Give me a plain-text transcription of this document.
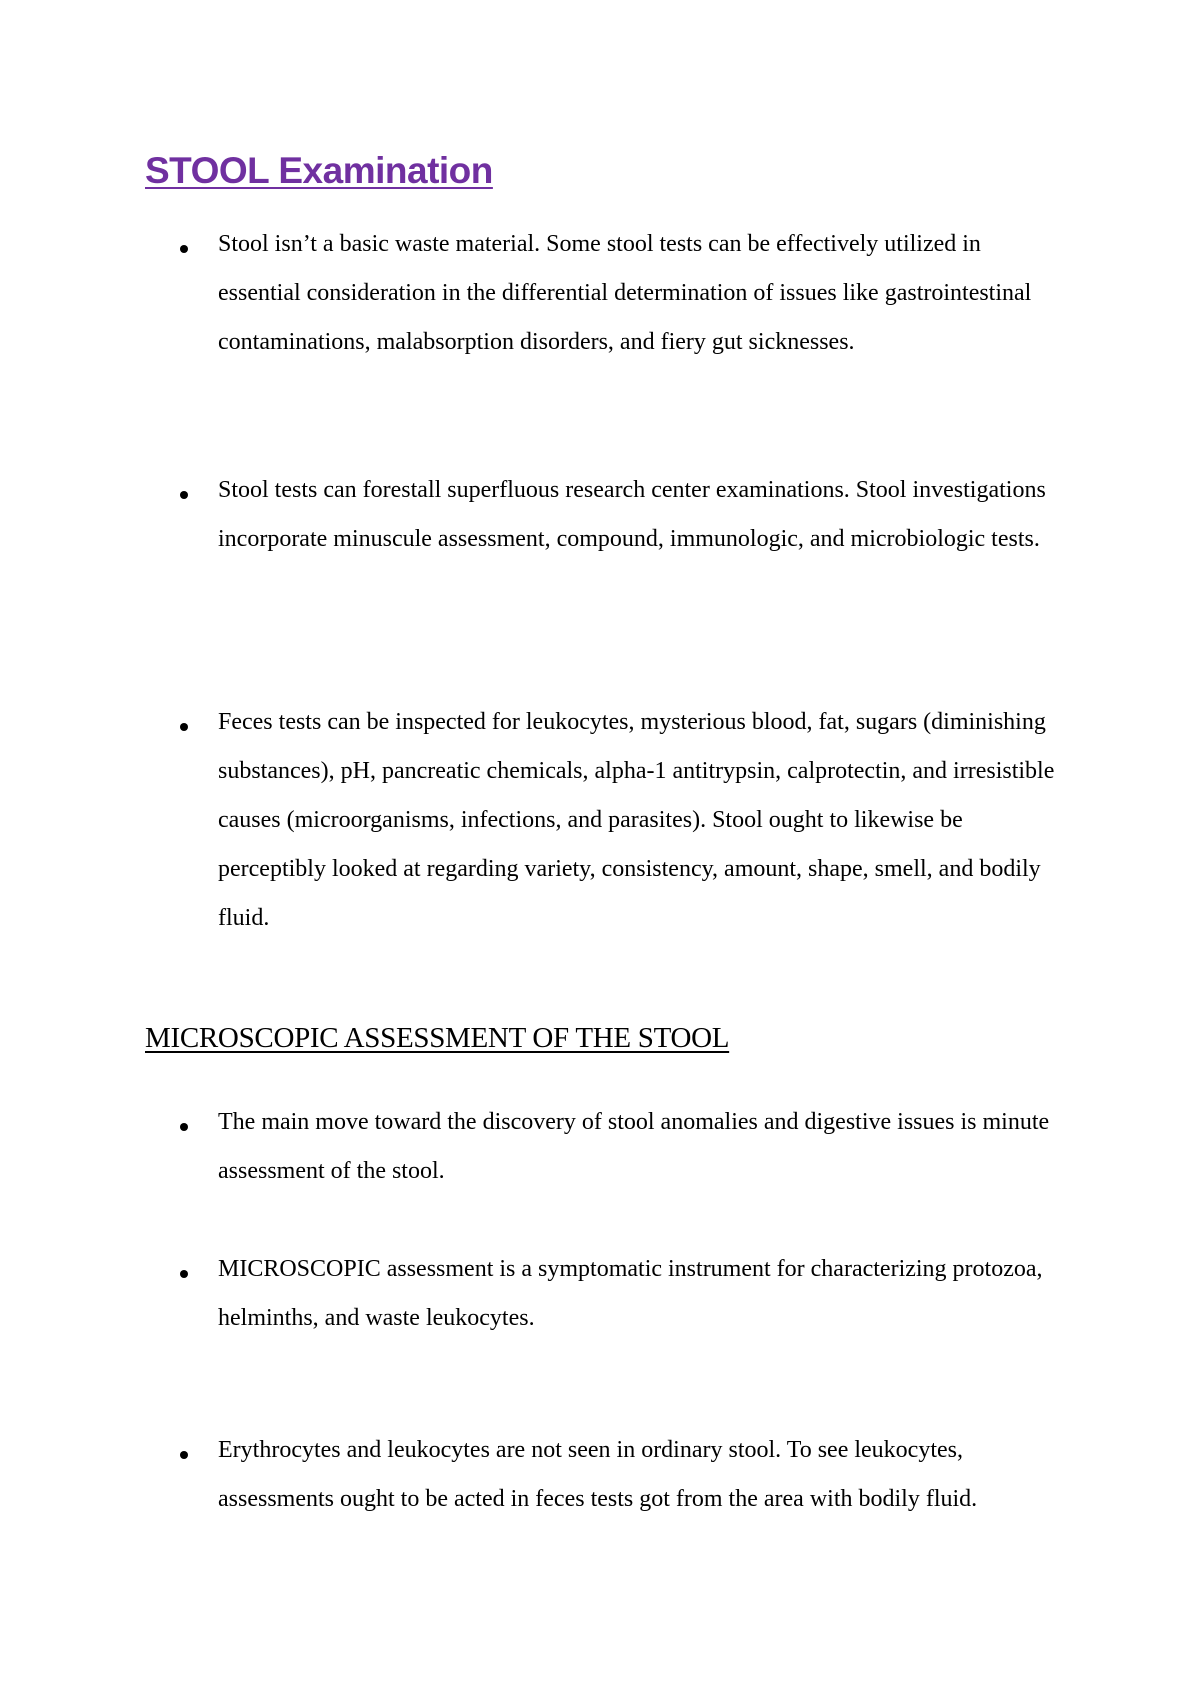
STOOL Examination
Stool isn’t a basic waste material. Some stool tests can be effectively utilized in essential consideration in the differential determination of issues like gastrointestinal contaminations, malabsorption disorders, and fiery gut sicknesses.
Stool tests can forestall superfluous research center examinations. Stool investigations incorporate minuscule assessment, compound, immunologic, and microbiologic tests.
Feces tests can be inspected for leukocytes, mysterious blood, fat, sugars (diminishing substances), pH, pancreatic chemicals, alpha-1 antitrypsin, calprotectin, and irresistible causes (microorganisms, infections, and parasites). Stool ought to likewise be perceptibly looked at regarding variety, consistency, amount, shape, smell, and bodily fluid.
MICROSCOPIC ASSESSMENT OF THE STOOL
The main move toward the discovery of stool anomalies and digestive issues is minute assessment of the stool.
MICROSCOPIC assessment is a symptomatic instrument for characterizing protozoa, helminths, and waste leukocytes.
Erythrocytes and leukocytes are not seen in ordinary stool. To see leukocytes, assessments ought to be acted in feces tests got from the area with bodily fluid.
